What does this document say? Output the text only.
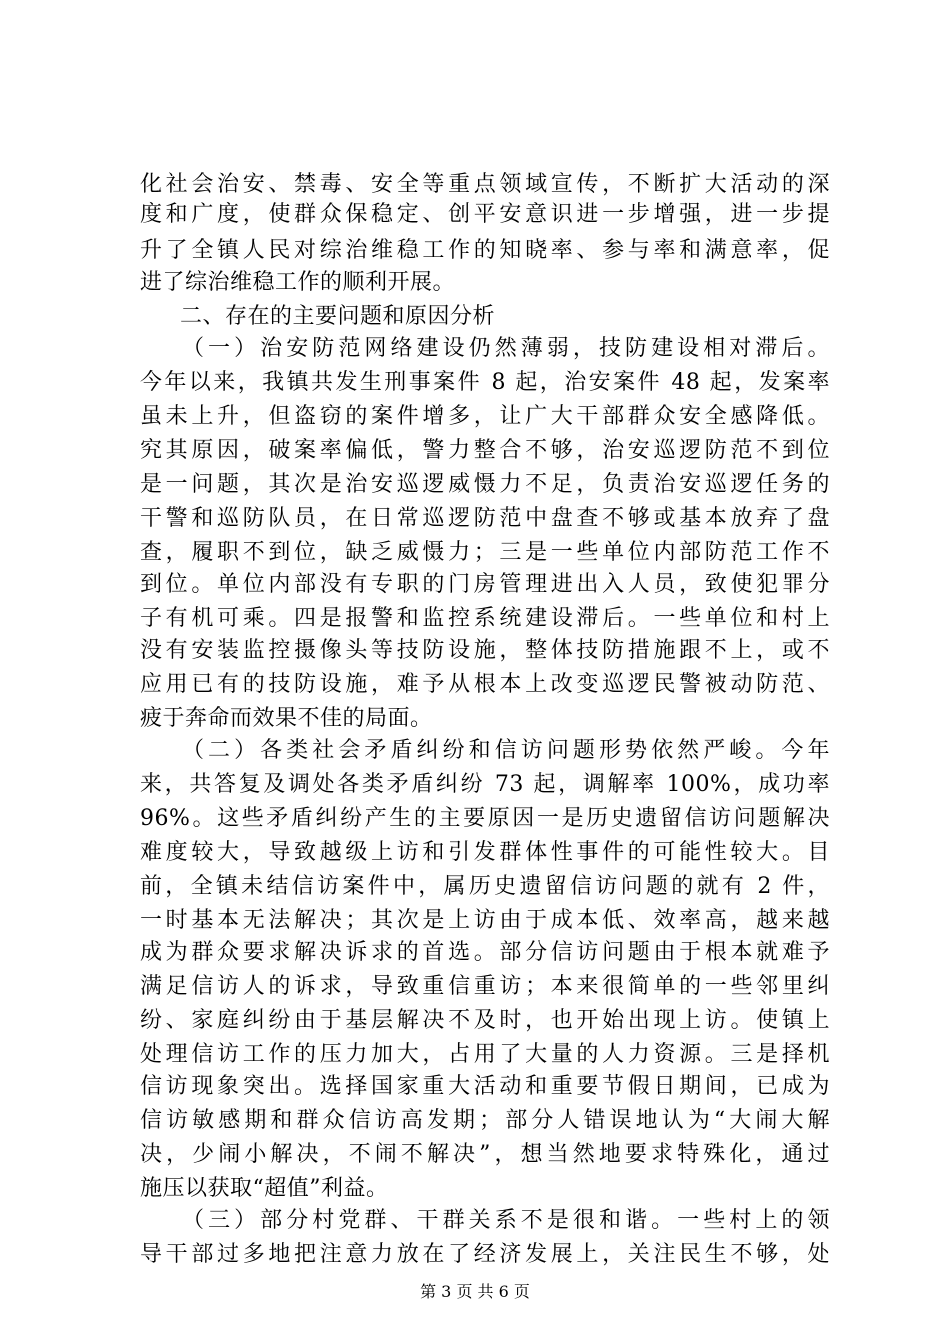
化社会治安、禁毒、安全等重点领域宣传，不断扩大活动的深
度和广度，使群众保稳定、创平安意识进一步增强，进一步提
升了全镇人民对综治维稳工作的知晓率、参与率和满意率，促
进了综治维稳工作的顺利开展。
二、存在的主要问题和原因分析
（一）治安防范网络建设仍然薄弱，技防建设相对滞后。
今年以来，我镇共发生刑事案件 8 起，治安案件 48 起，发案率
虽未上升，但盗窃的案件增多，让广大干部群众安全感降低。
究其原因，破案率偏低，警力整合不够，治安巡逻防范不到位
是一问题，其次是治安巡逻威慑力不足，负责治安巡逻任务的
干警和巡防队员，在日常巡逻防范中盘查不够或基本放弃了盘
查，履职不到位，缺乏威慑力；三是一些单位内部防范工作不
到位。单位内部没有专职的门房管理进出入人员，致使犯罪分
子有机可乘。四是报警和监控系统建设滞后。一些单位和村上
没有安装监控摄像头等技防设施，整体技防措施跟不上，或不
应用已有的技防设施，难予从根本上改变巡逻民警被动防范、
疲于奔命而效果不佳的局面。
（二）各类社会矛盾纠纷和信访问题形势依然严峻。今年
来，共答复及调处各类矛盾纠纷 73 起，调解率 100%，成功率
96%。这些矛盾纠纷产生的主要原因一是历史遗留信访问题解决
难度较大，导致越级上访和引发群体性事件的可能性较大。目
前，全镇未结信访案件中，属历史遗留信访问题的就有 2 件，
一时基本无法解决；其次是上访由于成本低、效率高，越来越
成为群众要求解决诉求的首选。部分信访问题由于根本就难予
满足信访人的诉求，导致重信重访；本来很简单的一些邻里纠
纷、家庭纠纷由于基层解决不及时，也开始出现上访。使镇上
处理信访工作的压力加大，占用了大量的人力资源。三是择机
信访现象突出。选择国家重大活动和重要节假日期间，已成为
信访敏感期和群众信访高发期；部分人错误地认为“大闹大解
决，少闹小解决，不闹不解决”，想当然地要求特殊化，通过
施压以获取“超值”利益。
（三）部分村党群、干群关系不是很和谐。一些村上的领
导干部过多地把注意力放在了经济发展上，关注民生不够，处
第 3 页 共 6 页
